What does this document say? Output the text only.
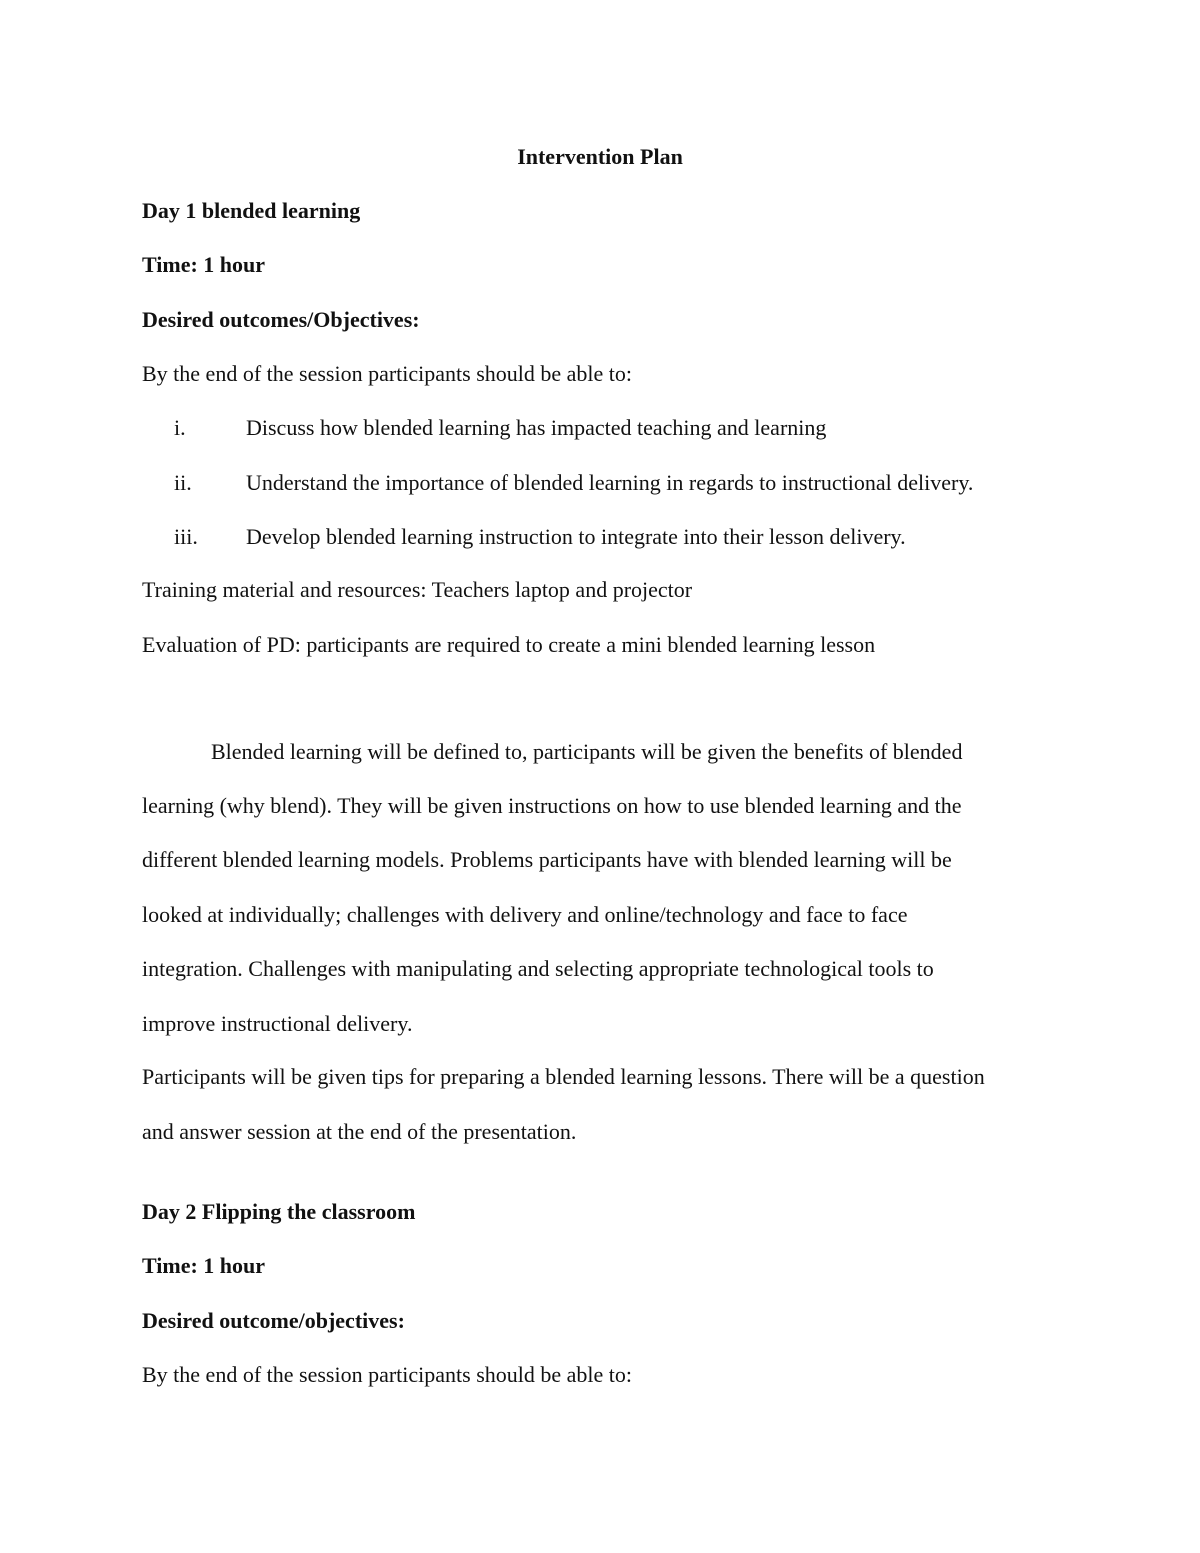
Intervention Plan
Day 1 blended learning
Time: 1 hour
Desired outcomes/Objectives:
By the end of the session participants should be able to:
i.	Discuss how blended learning has impacted teaching and learning
ii. Understand the importance of blended learning in regards to instructional delivery.
iii. Develop blended learning instruction to integrate into their lesson delivery.
Training material and resources: Teachers laptop and projector
Evaluation of PD: participants are required to create a mini blended learning lesson
Blended learning will be defined to, participants will be given the benefits of blended
learning (why blend). They will be given instructions on how to use blended learning and the
different blended learning models. Problems participants have with blended learning will be
looked at individually; challenges with delivery and online/technology and face to face
integration. Challenges with manipulating and selecting appropriate technological tools to
improve instructional delivery.
Participants will be given tips for preparing a blended learning lessons. There will be a question
and answer session at the end of the presentation.
Day 2 Flipping the classroom
Time: 1 hour
Desired outcome/objectives:
By the end of the session participants should be able to:
